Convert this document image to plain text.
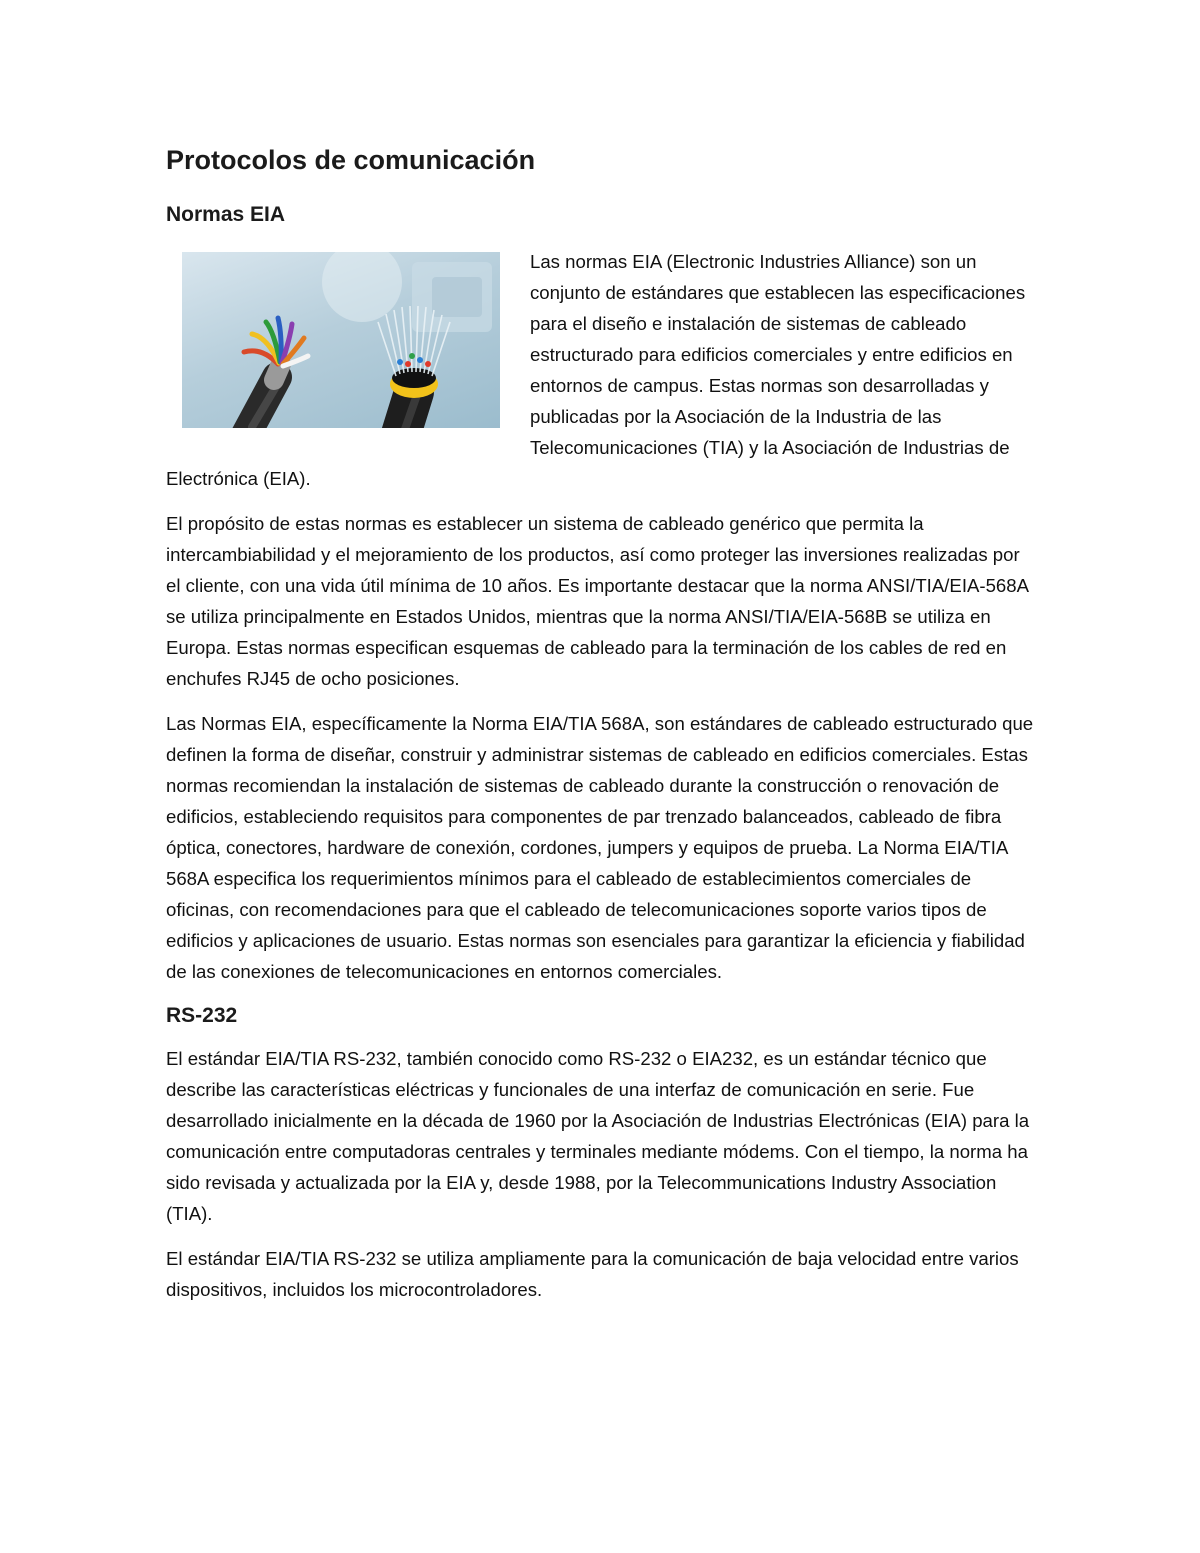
Protocolos de comunicación
Normas EIA

Las normas EIA (Electronic Industries Alliance) son un conjunto de estándares que establecen las especificaciones para el diseño e instalación de sistemas de cableado estructurado para edificios comerciales y entre edificios en entornos de campus. Estas normas son desarrolladas y publicadas por la Asociación de la Industria de las Telecomunicaciones (TIA) y la Asociación de Industrias de Electrónica (EIA).

El propósito de estas normas es establecer un sistema de cableado genérico que permita la intercambiabilidad y el mejoramiento de los productos, así como proteger las inversiones realizadas por el cliente, con una vida útil mínima de 10 años. Es importante destacar que la norma ANSI/TIA/EIA-568A se utiliza principalmente en Estados Unidos, mientras que la norma ANSI/TIA/EIA-568B se utiliza en Europa. Estas normas especifican esquemas de cableado para la terminación de los cables de red en enchufes RJ45 de ocho posiciones.

Las Normas EIA, específicamente la Norma EIA/TIA 568A, son estándares de cableado estructurado que definen la forma de diseñar, construir y administrar sistemas de cableado en edificios comerciales. Estas normas recomiendan la instalación de sistemas de cableado durante la construcción o renovación de edificios, estableciendo requisitos para componentes de par trenzado balanceados, cableado de fibra óptica, conectores, hardware de conexión, cordones, jumpers y equipos de prueba. La Norma EIA/TIA 568A especifica los requerimientos mínimos para el cableado de establecimientos comerciales de oficinas, con recomendaciones para que el cableado de telecomunicaciones soporte varios tipos de edificios y aplicaciones de usuario. Estas normas son esenciales para garantizar la eficiencia y fiabilidad de las conexiones de telecomunicaciones en entornos comerciales.

RS-232

El estándar EIA/TIA RS-232, también conocido como RS-232 o EIA232, es un estándar técnico que describe las características eléctricas y funcionales de una interfaz de comunicación en serie. Fue desarrollado inicialmente en la década de 1960 por la Asociación de Industrias Electrónicas (EIA) para la comunicación entre computadoras centrales y terminales mediante módems. Con el tiempo, la norma ha sido revisada y actualizada por la EIA y, desde 1988, por la Telecommunications Industry Association (TIA).

El estándar EIA/TIA RS-232 se utiliza ampliamente para la comunicación de baja velocidad entre varios dispositivos, incluidos los microcontroladores.
